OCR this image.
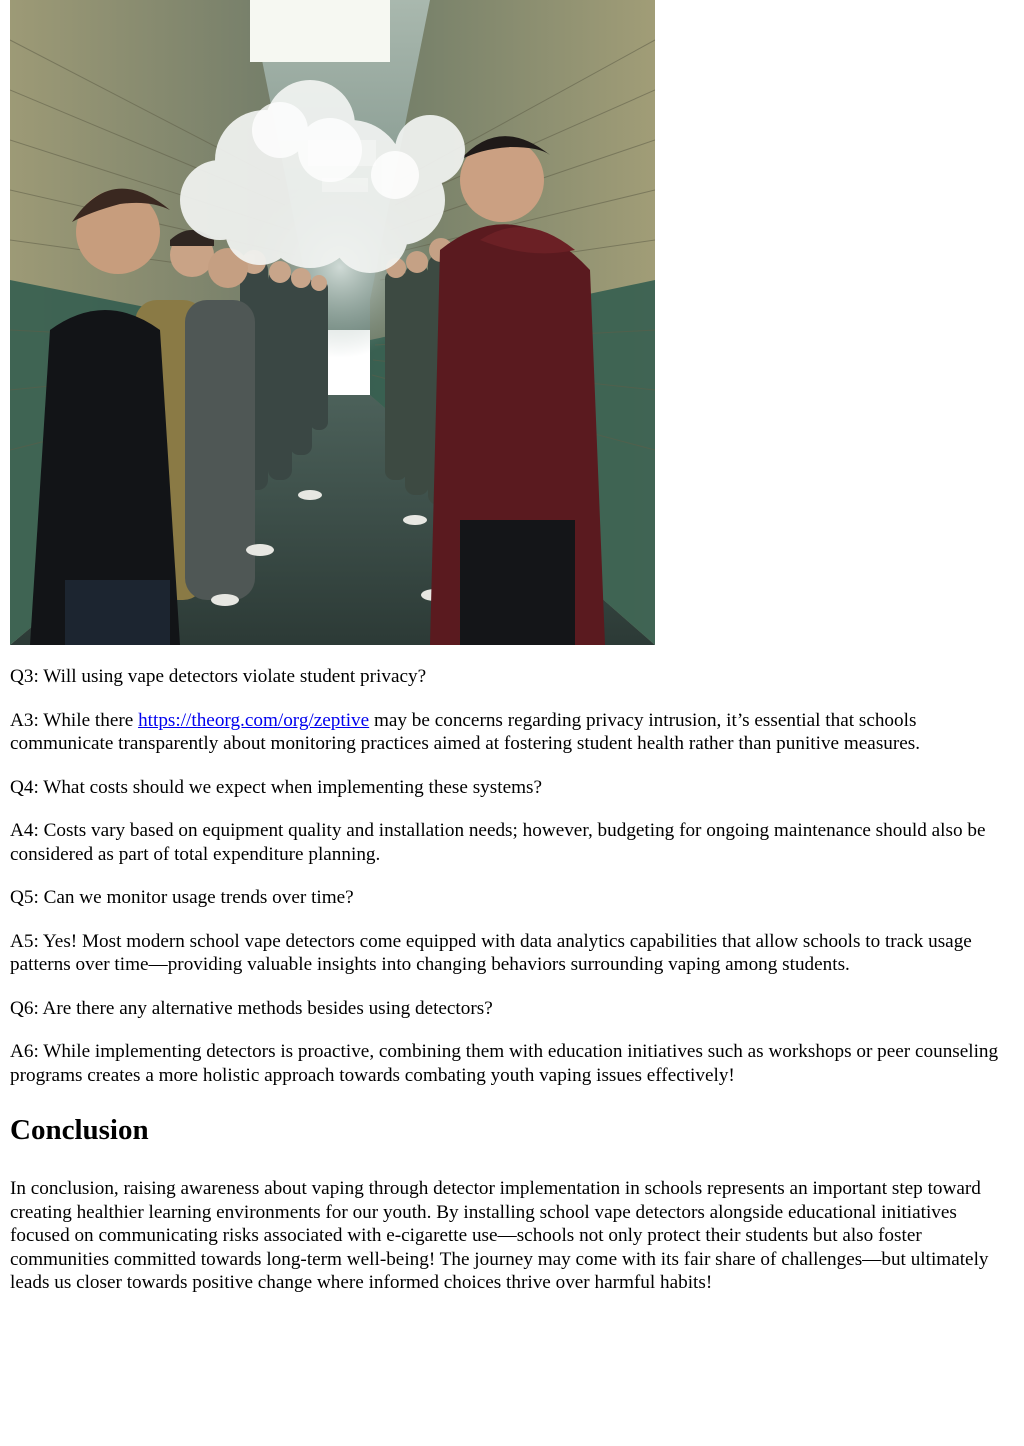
Q3: Will using vape detectors violate student privacy?

A3: While there https://theorg.com/org/zeptive may be concerns regarding privacy intrusion, it’s essential that schools communicate transparently about monitoring practices aimed at fostering student health rather than punitive measures.

Q4: What costs should we expect when implementing these systems?

A4: Costs vary based on equipment quality and installation needs; however, budgeting for ongoing maintenance should also be considered as part of total expenditure planning.

Q5: Can we monitor usage trends over time?

A5: Yes! Most modern school vape detectors come equipped with data analytics capabilities that allow schools to track usage patterns over time—providing valuable insights into changing behaviors surrounding vaping among students.

Q6: Are there any alternative methods besides using detectors?

A6: While implementing detectors is proactive, combining them with education initiatives such as workshops or peer counseling programs creates a more holistic approach towards combating youth vaping issues effectively!

Conclusion

In conclusion, raising awareness about vaping through detector implementation in schools represents an important step toward creating healthier learning environments for our youth. By installing school vape detectors alongside educational initiatives focused on communicating risks associated with e-cigarette use—schools not only protect their students but also foster communities committed towards long-term well-being! The journey may come with its fair share of challenges—but ultimately leads us closer towards positive change where informed choices thrive over harmful habits!
